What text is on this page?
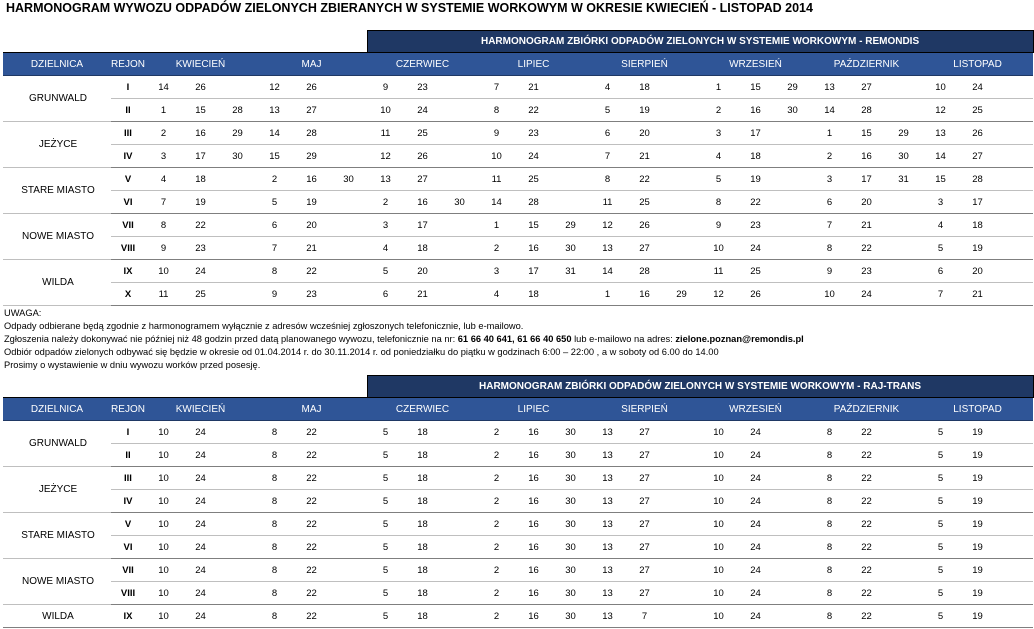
HARMONOGRAM WYWOZU ODPADÓW ZIELONYCH ZBIERANYCH W SYSTEMIE WORKOWYM W OKRESIE KWIECIEŃ - LISTOPAD 2014
								HARMONOGRAM ZBIÓRKI ODPADÓW ZIELONYCH W SYSTEMIE WORKOWYM - REMONDIS																	
DZIELNICA	REJON	KWIECIEŃ			MAJ			CZERWIEC			LIPIEC			SIERPIEŃ			WRZESIEŃ			PAŹDZIERNIK			LISTOPAD		
GRUNWALD	I	14	26		12	26		9	23		7	21		4	18		1	15	29	13	27		10	24	
	II	1	15	28	13	27		10	24		8	22		5	19		2	16	30	14	28		12	25	
JEŻYCE	III	2	16	29	14	28		11	25		9	23		6	20		3	17		1	15	29	13	26	
	IV	3	17	30	15	29		12	26		10	24		7	21		4	18		2	16	30	14	27	
STARE MIASTO	V	4	18		2	16	30	13	27		11	25		8	22		5	19		3	17	31	15	28	
	VI	7	19		5	19		2	16	30	14	28		11	25		8	22		6	20		3	17	
NOWE MIASTO	VII	8	22		6	20		3	17		1	15	29	12	26		9	23		7	21		4	18	
	VIII	9	23		7	21		4	18		2	16	30	13	27		10	24		8	22		5	19	
WILDA	IX	10	24		8	22		5	20		3	17	31	14	28		11	25		9	23		6	20	
	X	11	25		9	23		6	21		4	18		1	16	29	12	26		10	24		7	21	
UWAGA:
Odpady odbierane będą zgodnie z harmonogramem wyłącznie z adresów wcześniej zgłoszonych telefonicznie, lub e-mailowo.
Zgłoszenia należy dokonywać nie później niż 48 godzin przed datą planowanego wywozu, telefonicznie na nr: 61 66 40 641, 61 66 40 650 lub e-mailowo na adres: zielone.poznan@remondis.pl
Odbiór odpadów zielonych odbywać się będzie w okresie od 01.04.2014 r. do 30.11.2014 r. od poniedziałku do piątku w godzinach 6:00 – 22:00 , a w soboty od 6.00 do 14.00
Prosimy o wystawienie w dniu wywozu worków przed posesję.
								HARMONOGRAM ZBIÓRKI ODPADÓW ZIELONYCH W SYSTEMIE WORKOWYM - RAJ-TRANS																	
DZIELNICA	REJON	KWIECIEŃ			MAJ			CZERWIEC			LIPIEC			SIERPIEŃ			WRZESIEŃ			PAŹDZIERNIK			LISTOPAD		
GRUNWALD	I	10	24		8	22		5	18		2	16	30	13	27		10	24		8	22		5	19	
	II	10	24		8	22		5	18		2	16	30	13	27		10	24		8	22		5	19	
JEŻYCE	III	10	24		8	22		5	18		2	16	30	13	27		10	24		8	22		5	19	
	IV	10	24		8	22		5	18		2	16	30	13	27		10	24		8	22		5	19	
STARE MIASTO	V	10	24		8	22		5	18		2	16	30	13	27		10	24		8	22		5	19	
	VI	10	24		8	22		5	18		2	16	30	13	27		10	24		8	22		5	19	
NOWE MIASTO	VII	10	24		8	22		5	18		2	16	30	13	27		10	24		8	22		5	19	
	VIII	10	24		8	22		5	18		2	16	30	13	27		10	24		8	22		5	19	
WILDA	IX	10	24		8	22		5	18		2	16	30	13	7		10	24		8	22		5	19	
